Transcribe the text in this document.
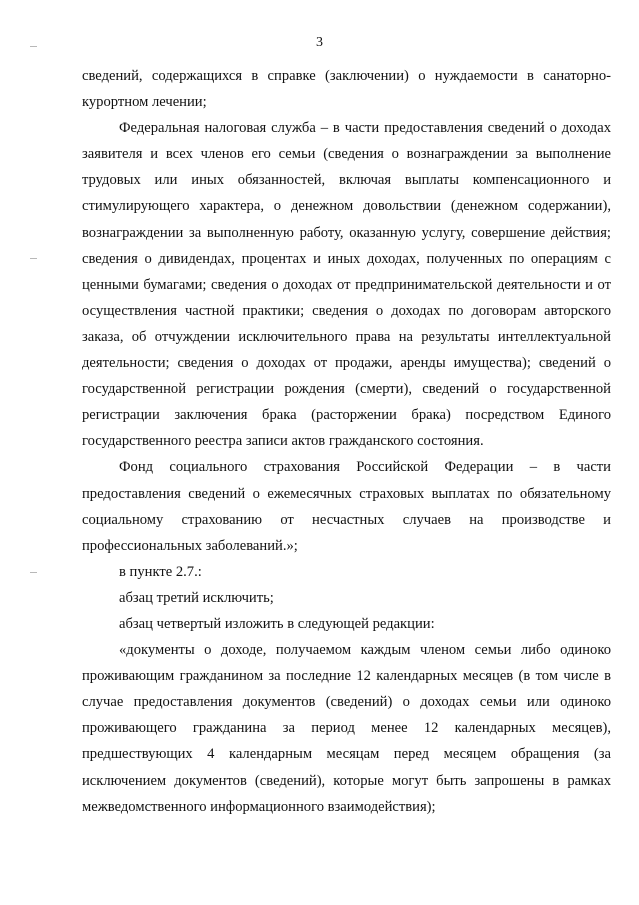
3

сведений, содержащихся в справке (заключении) о нуждаемости в санаторно-курортном лечении;

Федеральная налоговая служба – в части предоставления сведений о доходах заявителя и всех членов его семьи (сведения о вознаграждении за выполнение трудовых или иных обязанностей, включая выплаты компенсационного и стимулирующего характера, о денежном довольствии (денежном содержании), вознаграждении за выполненную работу, оказанную услугу, совершение действия; сведения о дивидендах, процентах и иных доходах, полученных по операциям с ценными бумагами; сведения о доходах от предпринимательской деятельности и от осуществления частной практики; сведения о доходах по договорам авторского заказа, об отчуждении исключительного права на результаты интеллектуальной деятельности; сведения о доходах от продажи, аренды имущества); сведений о государственной регистрации рождения (смерти), сведений о государственной регистрации заключения брака (расторжении брака) посредством Единого государственного реестра записи актов гражданского состояния.

Фонд социального страхования Российской Федерации – в части предоставления сведений о ежемесячных страховых выплатах по обязательному социальному страхованию от несчастных случаев на производстве и профессиональных заболеваний.»;

в пункте 2.7.:

абзац третий исключить;

абзац четвертый изложить в следующей редакции:

«документы о доходе, получаемом каждым членом семьи либо одиноко проживающим гражданином за последние 12 календарных месяцев (в том числе в случае предоставления документов (сведений) о доходах семьи или одиноко проживающего гражданина за период менее 12 календарных месяцев), предшествующих 4 календарным месяцам перед месяцем обращения (за исключением документов (сведений), которые могут быть запрошены в рамках межведомственного информационного взаимодействия);
